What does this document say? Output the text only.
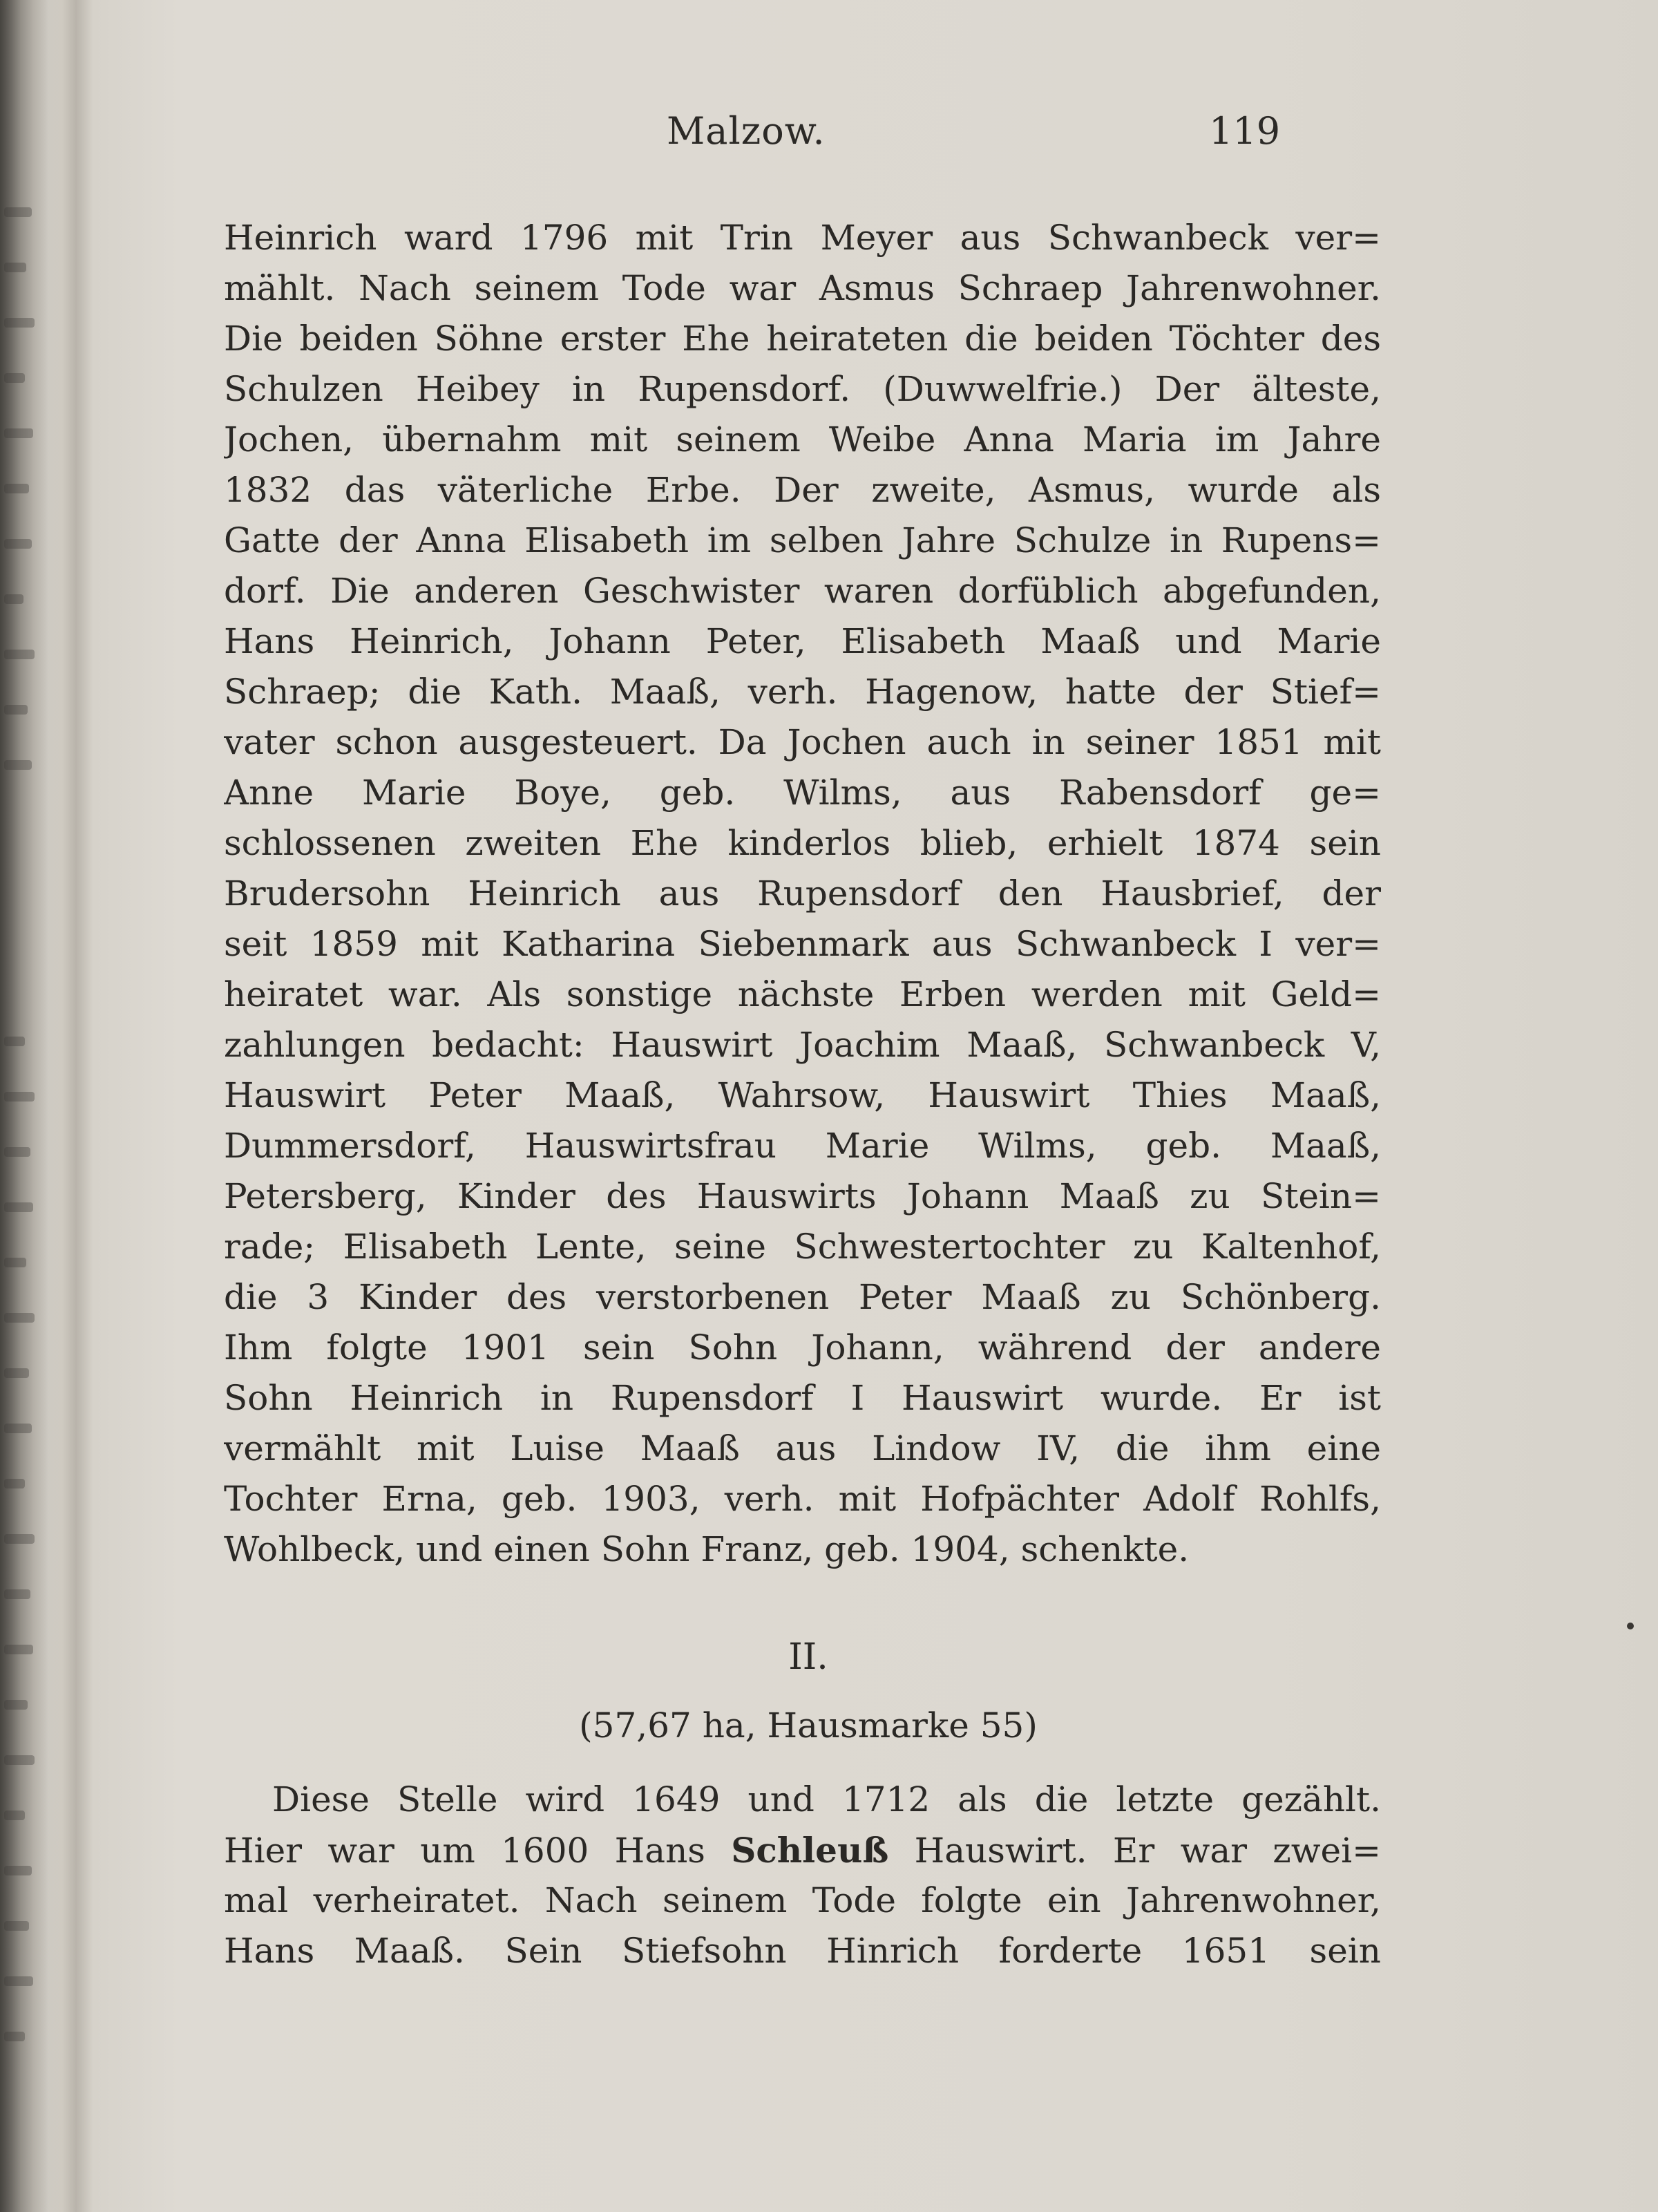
Malzow.	119
Heinrich ward 1796 mit Trin Meyer aus Schwanbeck ver=
mählt. Nach seinem Tode war Asmus Schraep Jahrenwohner.
Die beiden Söhne erster Ehe heirateten die beiden Töchter des
Schulzen Heibey in Rupensdorf. (Duwwelfrie.) Der älteste,
Jochen, übernahm mit seinem Weibe Anna Maria im Jahre
1832 das väterliche Erbe. Der zweite, Asmus, wurde als
Gatte der Anna Elisabeth im selben Jahre Schulze in Rupens=
dorf. Die anderen Geschwister waren dorfüblich abgefunden,
Hans Heinrich, Johann Peter, Elisabeth Maaß und Marie
Schraep; die Kath. Maaß, verh. Hagenow, hatte der Stief=
vater schon ausgesteuert. Da Jochen auch in seiner 1851 mit
Anne Marie Boye, geb. Wilms, aus Rabensdorf ge=
schlossenen zweiten Ehe kinderlos blieb, erhielt 1874 sein
Brudersohn Heinrich aus Rupensdorf den Hausbrief, der
seit 1859 mit Katharina Siebenmark aus Schwanbeck I ver=
heiratet war. Als sonstige nächste Erben werden mit Geld=
zahlungen bedacht: Hauswirt Joachim Maaß, Schwanbeck V,
Hauswirt Peter Maaß, Wahrsow, Hauswirt Thies Maaß,
Dummersdorf, Hauswirtsfrau Marie Wilms, geb. Maaß,
Petersberg, Kinder des Hauswirts Johann Maaß zu Stein=
rade; Elisabeth Lente, seine Schwestertochter zu Kaltenhof,
die 3 Kinder des verstorbenen Peter Maaß zu Schönberg.
Ihm folgte 1901 sein Sohn Johann, während der andere
Sohn Heinrich in Rupensdorf I Hauswirt wurde. Er ist
vermählt mit Luise Maaß aus Lindow IV, die ihm eine
Tochter Erna, geb. 1903, verh. mit Hofpächter Adolf Rohlfs,
Wohlbeck, und einen Sohn Franz, geb. 1904, schenkte.
II.
(57,67 ha, Hausmarke 55)
Diese Stelle wird 1649 und 1712 als die letzte gezählt.
Hier war um 1600 Hans Schleuß Hauswirt. Er war zwei=
mal verheiratet. Nach seinem Tode folgte ein Jahrenwohner,
Hans Maaß. Sein Stiefsohn Hinrich forderte 1651 sein
